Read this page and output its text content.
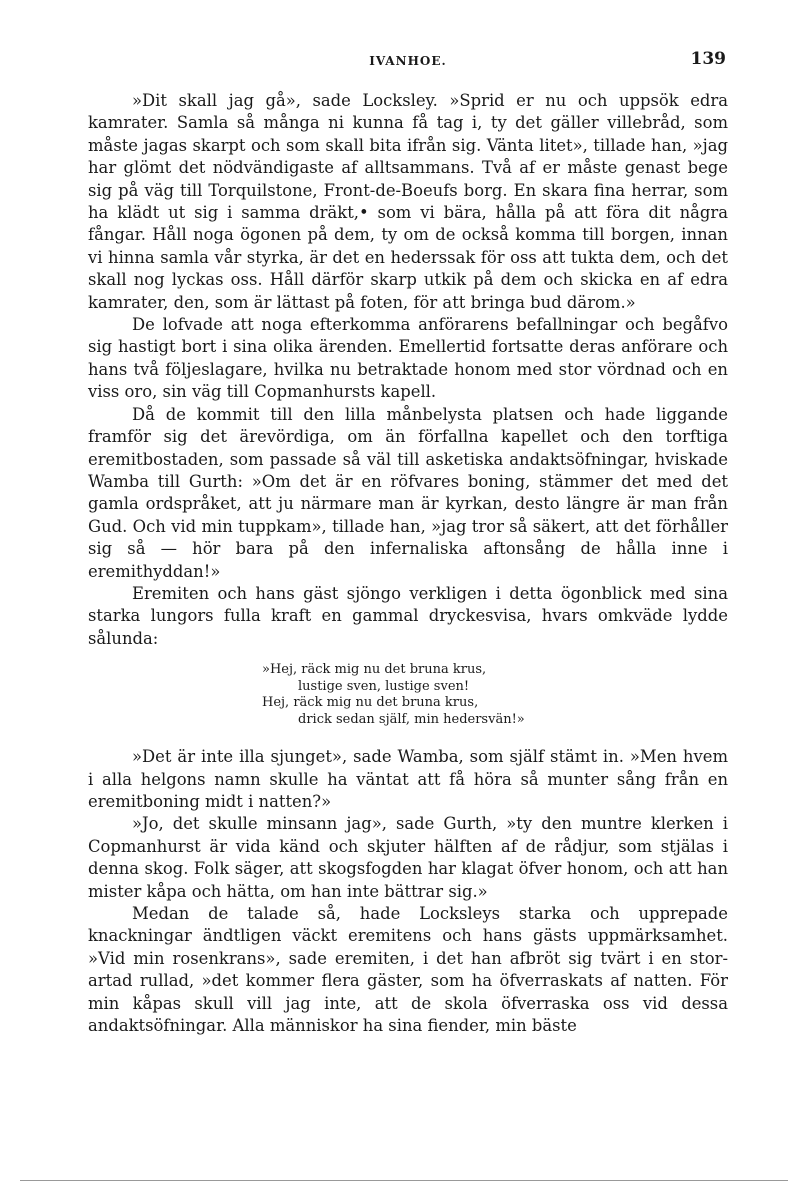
IVANHOE.	139

»Dit skall jag gå», sade Locksley. »Sprid er nu och uppsök edra kamrater. Samla så många ni kunna få tag i, ty det gäller villebråd, som måste jagas skarpt och som skall bita ifrån sig. Vänta litet», tillade han, »jag har glömt det nödvändigaste af alltsammans. Två af er måste genast bege sig på väg till Torquilstone, Front-de-Boeufs borg. En skara fina herrar, som ha klädt ut sig i samma dräkt,• som vi bära, hålla på att föra dit några fångar. Håll noga ögonen på dem, ty om de också komma till borgen, innan vi hinna samla vår styrka, är det en hederssak för oss att tukta dem, och det skall nog lyckas oss. Håll därför skarp utkik på dem och skicka en af edra kamrater, den, som är lättast på foten, för att bringa bud därom.»

De lofvade att noga efterkomma anförarens befallningar och begåfvo sig hastigt bort i sina olika ärenden. Emellertid fortsatte deras anförare och hans två följeslagare, hvilka nu betraktade honom med stor vördnad och en viss oro, sin väg till Copmanhursts kapell.

Då de kommit till den lilla månbelysta platsen och hade liggande framför sig det ärevördiga, om än förfallna kapellet och den torftiga eremitbostaden, som passade så väl till asketiska andaktsöfningar, hviskade Wamba till Gurth: »Om det är en röfvares boning, stämmer det med det gamla ordspråket, att ju närmare man är kyrkan, desto längre är man från Gud. Och vid min tuppkam», tillade han, »jag tror så säkert, att det förhåller sig så — hör bara på den infernaliska aftonsång de hålla inne i eremithyddan!»

Eremiten och hans gäst sjöngo verkligen i detta ögonblick med sina starka lungors fulla kraft en gammal dryckesvisa, hvars omkväde lydde sålunda:

»Hej, räck mig nu det bruna krus,
lustige sven, lustige sven!
Hej, räck mig nu det bruna krus,
drick sedan själf, min hedersvän!»

»Det är inte illa sjunget», sade Wamba, som själf stämt in. »Men hvem i alla helgons namn skulle ha väntat att få höra så munter sång från en eremitboning midt i natten?»

»Jo, det skulle minsann jag», sade Gurth, »ty den muntre klerken i Copmanhurst är vida känd och skjuter hälften af de rådjur, som stjälas i denna skog. Folk säger, att skogsfogden har klagat öfver honom, och att han mister kåpa och hätta, om han inte bättrar sig.»

Medan de talade så, hade Locksleys starka och upprepade knackningar ändtligen väckt eremitens och hans gästs uppmärksamhet. »Vid min rosenkrans», sade eremiten, i det han afbröt sig tvärt i en stor-artad rullad, »det kommer flera gäster, som ha öfverraskats af natten. För min kåpas skull vill jag inte, att de skola öfverraska oss vid dessa andaktsöfningar. Alla människor ha sina fiender, min bäste
